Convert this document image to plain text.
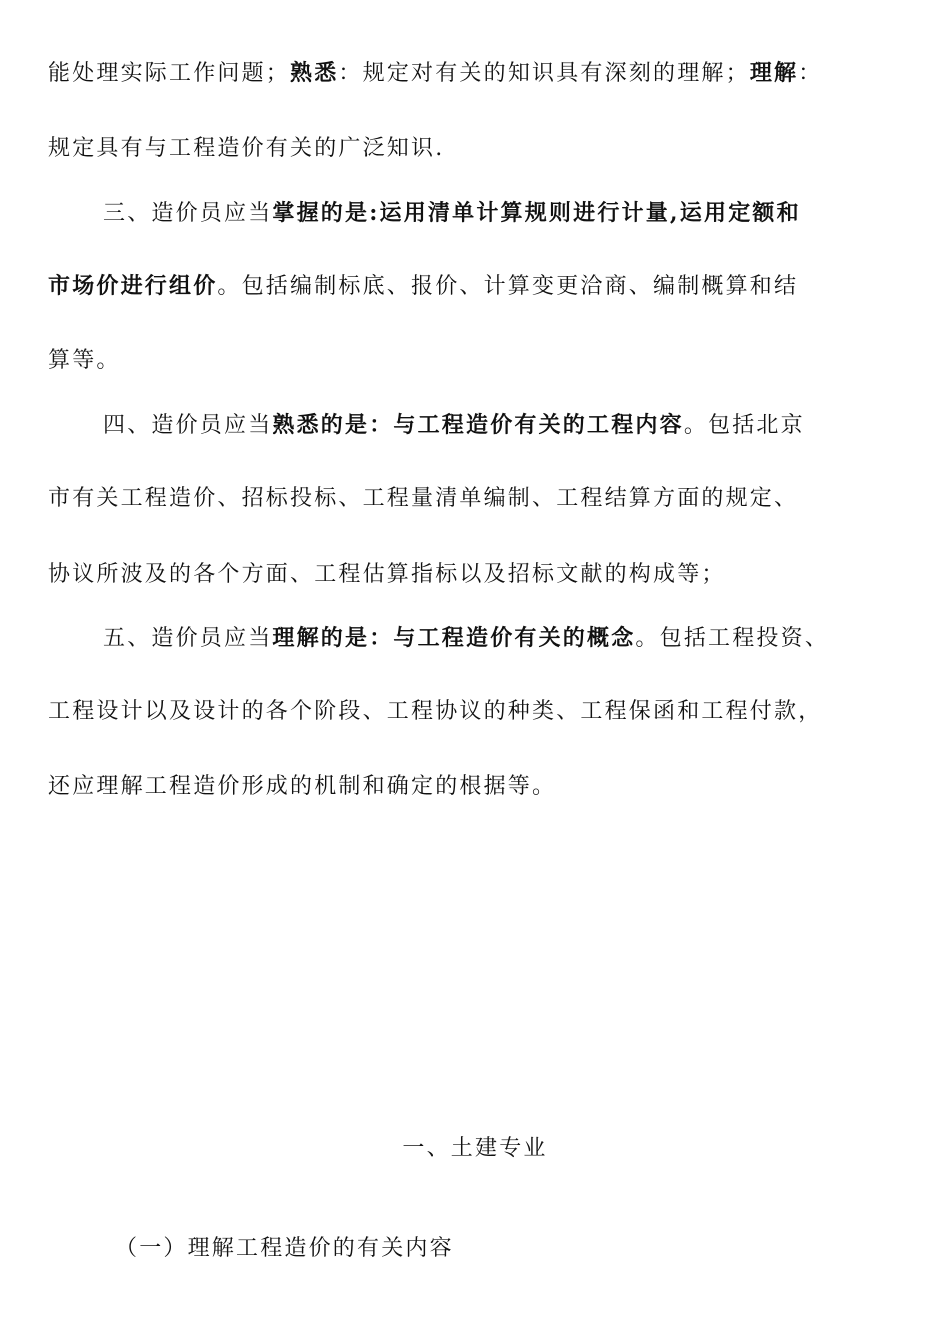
能处理实际工作问题；熟悉：规定对有关的知识具有深刻的理解；理解：
规定具有与工程造价有关的广泛知识.
三、造价员应当掌握的是:运用清单计算规则进行计量,运用定额和
市场价进行组价。包括编制标底、报价、计算变更洽商、编制概算和结
算等。
四、造价员应当熟悉的是：与工程造价有关的工程内容。包括北京
市有关工程造价、招标投标、工程量清单编制、工程结算方面的规定、
协议所波及的各个方面、工程估算指标以及招标文献的构成等；
五、造价员应当理解的是：与工程造价有关的概念。包括工程投资、
工程设计以及设计的各个阶段、工程协议的种类、工程保函和工程付款，
还应理解工程造价形成的机制和确定的根据等。
一、土建专业
（一）理解工程造价的有关内容
